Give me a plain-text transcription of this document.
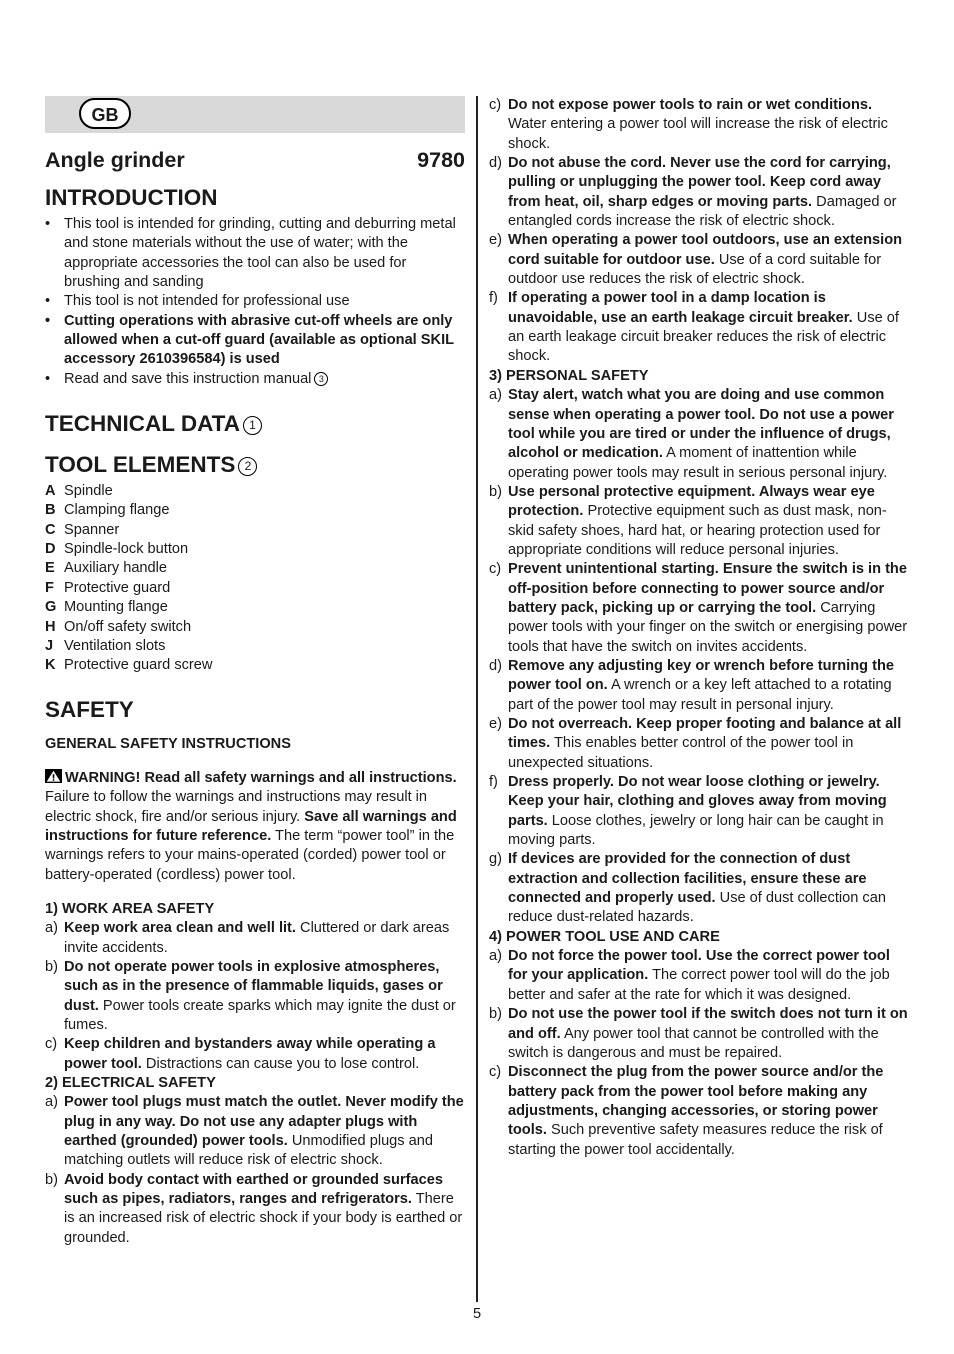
GB
Angle grinder	9780
INTRODUCTION
• This tool is intended for grinding, cutting and deburring metal and stone materials without the use of water; with the appropriate accessories the tool can also be used for brushing and sanding
• This tool is not intended for professional use
• Cutting operations with abrasive cut-off wheels are only allowed when a cut-off guard (available as optional SKIL accessory 2610396584) is used
• Read and save this instruction manual 3
TECHNICAL DATA 1
TOOL ELEMENTS 2
A Spindle
B Clamping flange
C Spanner
D Spindle-lock button
E Auxiliary handle
F Protective guard
G Mounting flange
H On/off safety switch
J Ventilation slots
K Protective guard screw
SAFETY
GENERAL SAFETY INSTRUCTIONS
WARNING! Read all safety warnings and all instructions. Failure to follow the warnings and instructions may result in electric shock, fire and/or serious injury. Save all warnings and instructions for future reference. The term “power tool” in the warnings refers to your mains-operated (corded) power tool or battery-operated (cordless) power tool.
1) WORK AREA SAFETY
a) Keep work area clean and well lit. Cluttered or dark areas invite accidents.
b) Do not operate power tools in explosive atmospheres, such as in the presence of flammable liquids, gases or dust. Power tools create sparks which may ignite the dust or fumes.
c) Keep children and bystanders away while operating a power tool. Distractions can cause you to lose control.
2) ELECTRICAL SAFETY
a) Power tool plugs must match the outlet. Never modify the plug in any way. Do not use any adapter plugs with earthed (grounded) power tools. Unmodified plugs and matching outlets will reduce risk of electric shock.
b) Avoid body contact with earthed or grounded surfaces such as pipes, radiators, ranges and refrigerators. There is an increased risk of electric shock if your body is earthed or grounded.
c) Do not expose power tools to rain or wet conditions. Water entering a power tool will increase the risk of electric shock.
d) Do not abuse the cord. Never use the cord for carrying, pulling or unplugging the power tool. Keep cord away from heat, oil, sharp edges or moving parts. Damaged or entangled cords increase the risk of electric shock.
e) When operating a power tool outdoors, use an extension cord suitable for outdoor use. Use of a cord suitable for outdoor use reduces the risk of electric shock.
f) If operating a power tool in a damp location is unavoidable, use an earth leakage circuit breaker. Use of an earth leakage circuit breaker reduces the risk of electric shock.
3) PERSONAL SAFETY
a) Stay alert, watch what you are doing and use common sense when operating a power tool. Do not use a power tool while you are tired or under the influence of drugs, alcohol or medication. A moment of inattention while operating power tools may result in serious personal injury.
b) Use personal protective equipment. Always wear eye protection. Protective equipment such as dust mask, non-skid safety shoes, hard hat, or hearing protection used for appropriate conditions will reduce personal injuries.
c) Prevent unintentional starting. Ensure the switch is in the off-position before connecting to power source and/or battery pack, picking up or carrying the tool. Carrying power tools with your finger on the switch or energising power tools that have the switch on invites accidents.
d) Remove any adjusting key or wrench before turning the power tool on. A wrench or a key left attached to a rotating part of the power tool may result in personal injury.
e) Do not overreach. Keep proper footing and balance at all times. This enables better control of the power tool in unexpected situations.
f) Dress properly. Do not wear loose clothing or jewelry. Keep your hair, clothing and gloves away from moving parts. Loose clothes, jewelry or long hair can be caught in moving parts.
g) If devices are provided for the connection of dust extraction and collection facilities, ensure these are connected and properly used. Use of dust collection can reduce dust-related hazards.
4) POWER TOOL USE AND CARE
a) Do not force the power tool. Use the correct power tool for your application. The correct power tool will do the job better and safer at the rate for which it was designed.
b) Do not use the power tool if the switch does not turn it on and off. Any power tool that cannot be controlled with the switch is dangerous and must be repaired.
c) Disconnect the plug from the power source and/or the battery pack from the power tool before making any adjustments, changing accessories, or storing power tools. Such preventive safety measures reduce the risk of starting the power tool accidentally.
5
